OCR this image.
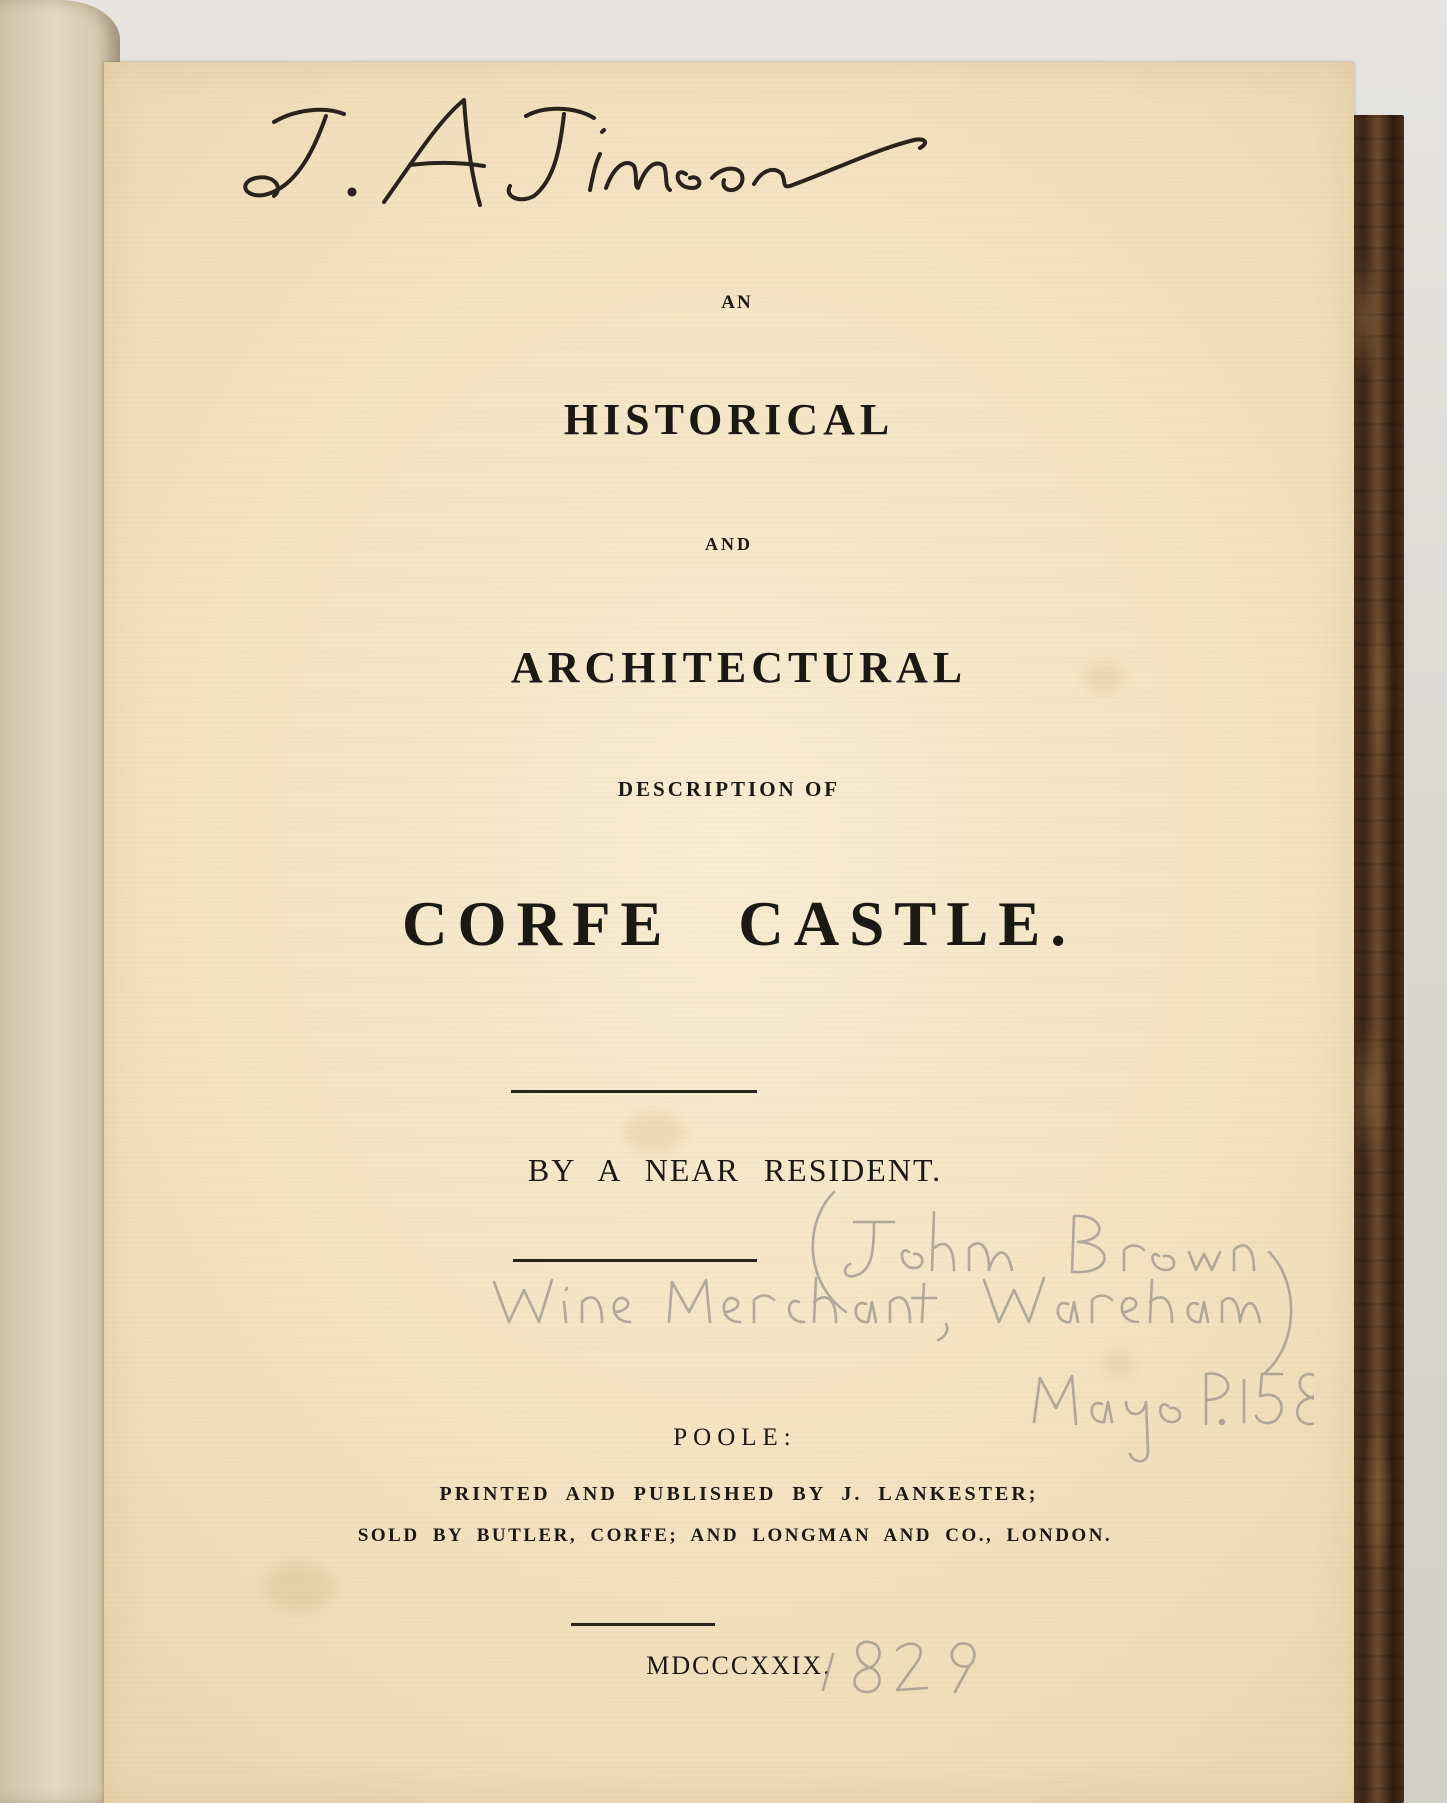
AN

HISTORICAL

AND

ARCHITECTURAL

DESCRIPTION OF

CORFE CASTLE.

BY A NEAR RESIDENT.

POOLE:

PRINTED AND PUBLISHED BY J. LANKESTER;

SOLD BY BUTLER, CORFE; AND LONGMAN AND CO., LONDON.

MDCCCXXIX.
